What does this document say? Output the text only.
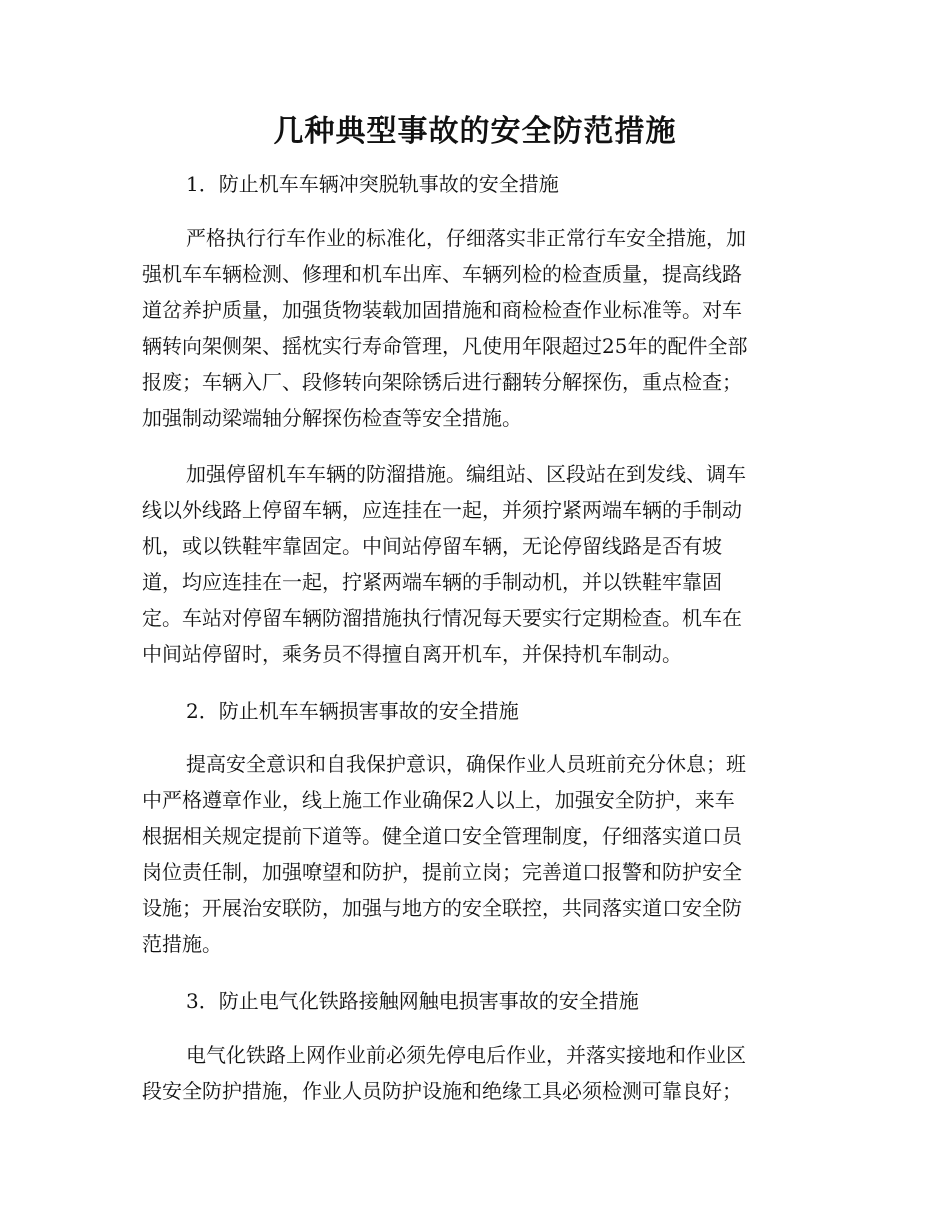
几种典型事故的安全防范措施
1．防止机车车辆冲突脱轨事故的安全措施
严格执行行车作业的标准化，仔细落实非正常行车安全措施，加
强机车车辆检测、修理和机车出库、车辆列检的检查质量，提高线路
道岔养护质量，加强货物装载加固措施和商检检查作业标准等。对车
辆转向架侧架、摇枕实行寿命管理，凡使用年限超过25年的配件全部
报废；车辆入厂、段修转向架除锈后进行翻转分解探伤，重点检查；
加强制动梁端轴分解探伤检查等安全措施。
加强停留机车车辆的防溜措施。编组站、区段站在到发线、调车
线以外线路上停留车辆，应连挂在一起，并须拧紧两端车辆的手制动
机，或以铁鞋牢靠固定。中间站停留车辆，无论停留线路是否有坡
道，均应连挂在一起，拧紧两端车辆的手制动机，并以铁鞋牢靠固
定。车站对停留车辆防溜措施执行情况每天要实行定期检查。机车在
中间站停留时，乘务员不得擅自离开机车，并保持机车制动。
2．防止机车车辆损害事故的安全措施
提高安全意识和自我保护意识，确保作业人员班前充分休息；班
中严格遵章作业，线上施工作业确保2人以上，加强安全防护，来车
根据相关规定提前下道等。健全道口安全管理制度，仔细落实道口员
岗位责任制，加强嘹望和防护，提前立岗；完善道口报警和防护安全
设施；开展治安联防，加强与地方的安全联控，共同落实道口安全防
范措施。
3．防止电气化铁路接触网触电损害事故的安全措施
电气化铁路上网作业前必须先停电后作业，并落实接地和作业区
段安全防护措施，作业人员防护设施和绝缘工具必须检测可靠良好；
